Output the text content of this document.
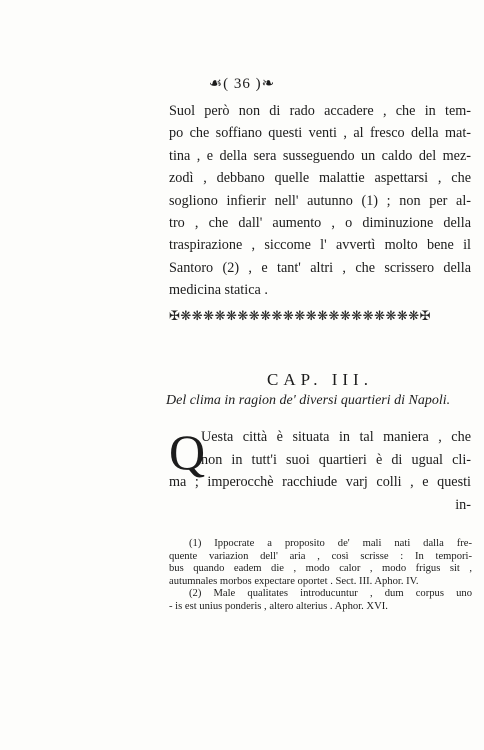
☙( 36 )❧
Suol però non di rado accadere , che in tem-
po che soffiano questi venti , al fresco della mat-
tina , e della sera susseguendo un caldo del mez-
zodì , debbano quelle malattie aspettarsi , che
sogliono infierir nell' autunno (1) ; non per al-
tro , che dall' aumento , o diminuzione della
traspirazione , siccome l' avvertì molto bene il
Santoro (2) , e tant' altri , che scrissero della
medicina statica .
✠❋❋❋❋❋❋❋❋❋❋❋❋❋❋❋❋❋❋❋❋❋✠
CAP. III.
Del clima in ragion de' diversi quartieri di Napoli.
Q
Uesta città è situata in tal maniera , che
non in tutt'i suoi quartieri è di ugual cli-
ma ; imperocchè racchiude varj colli , e questi
in-
(1) Ippocrate a proposito de' mali nati dalla fre-
quente variazion dell' aria , così scrisse : In tempori-
bus quando eadem die , modo calor , modo frigus sit ,
autumnales morbos expectare oportet . Sect. III. Aphor. IV.
(2) Male qualitates introducuntur , dum corpus uno
- is est unius ponderis , altero alterius . Aphor. XVI.
